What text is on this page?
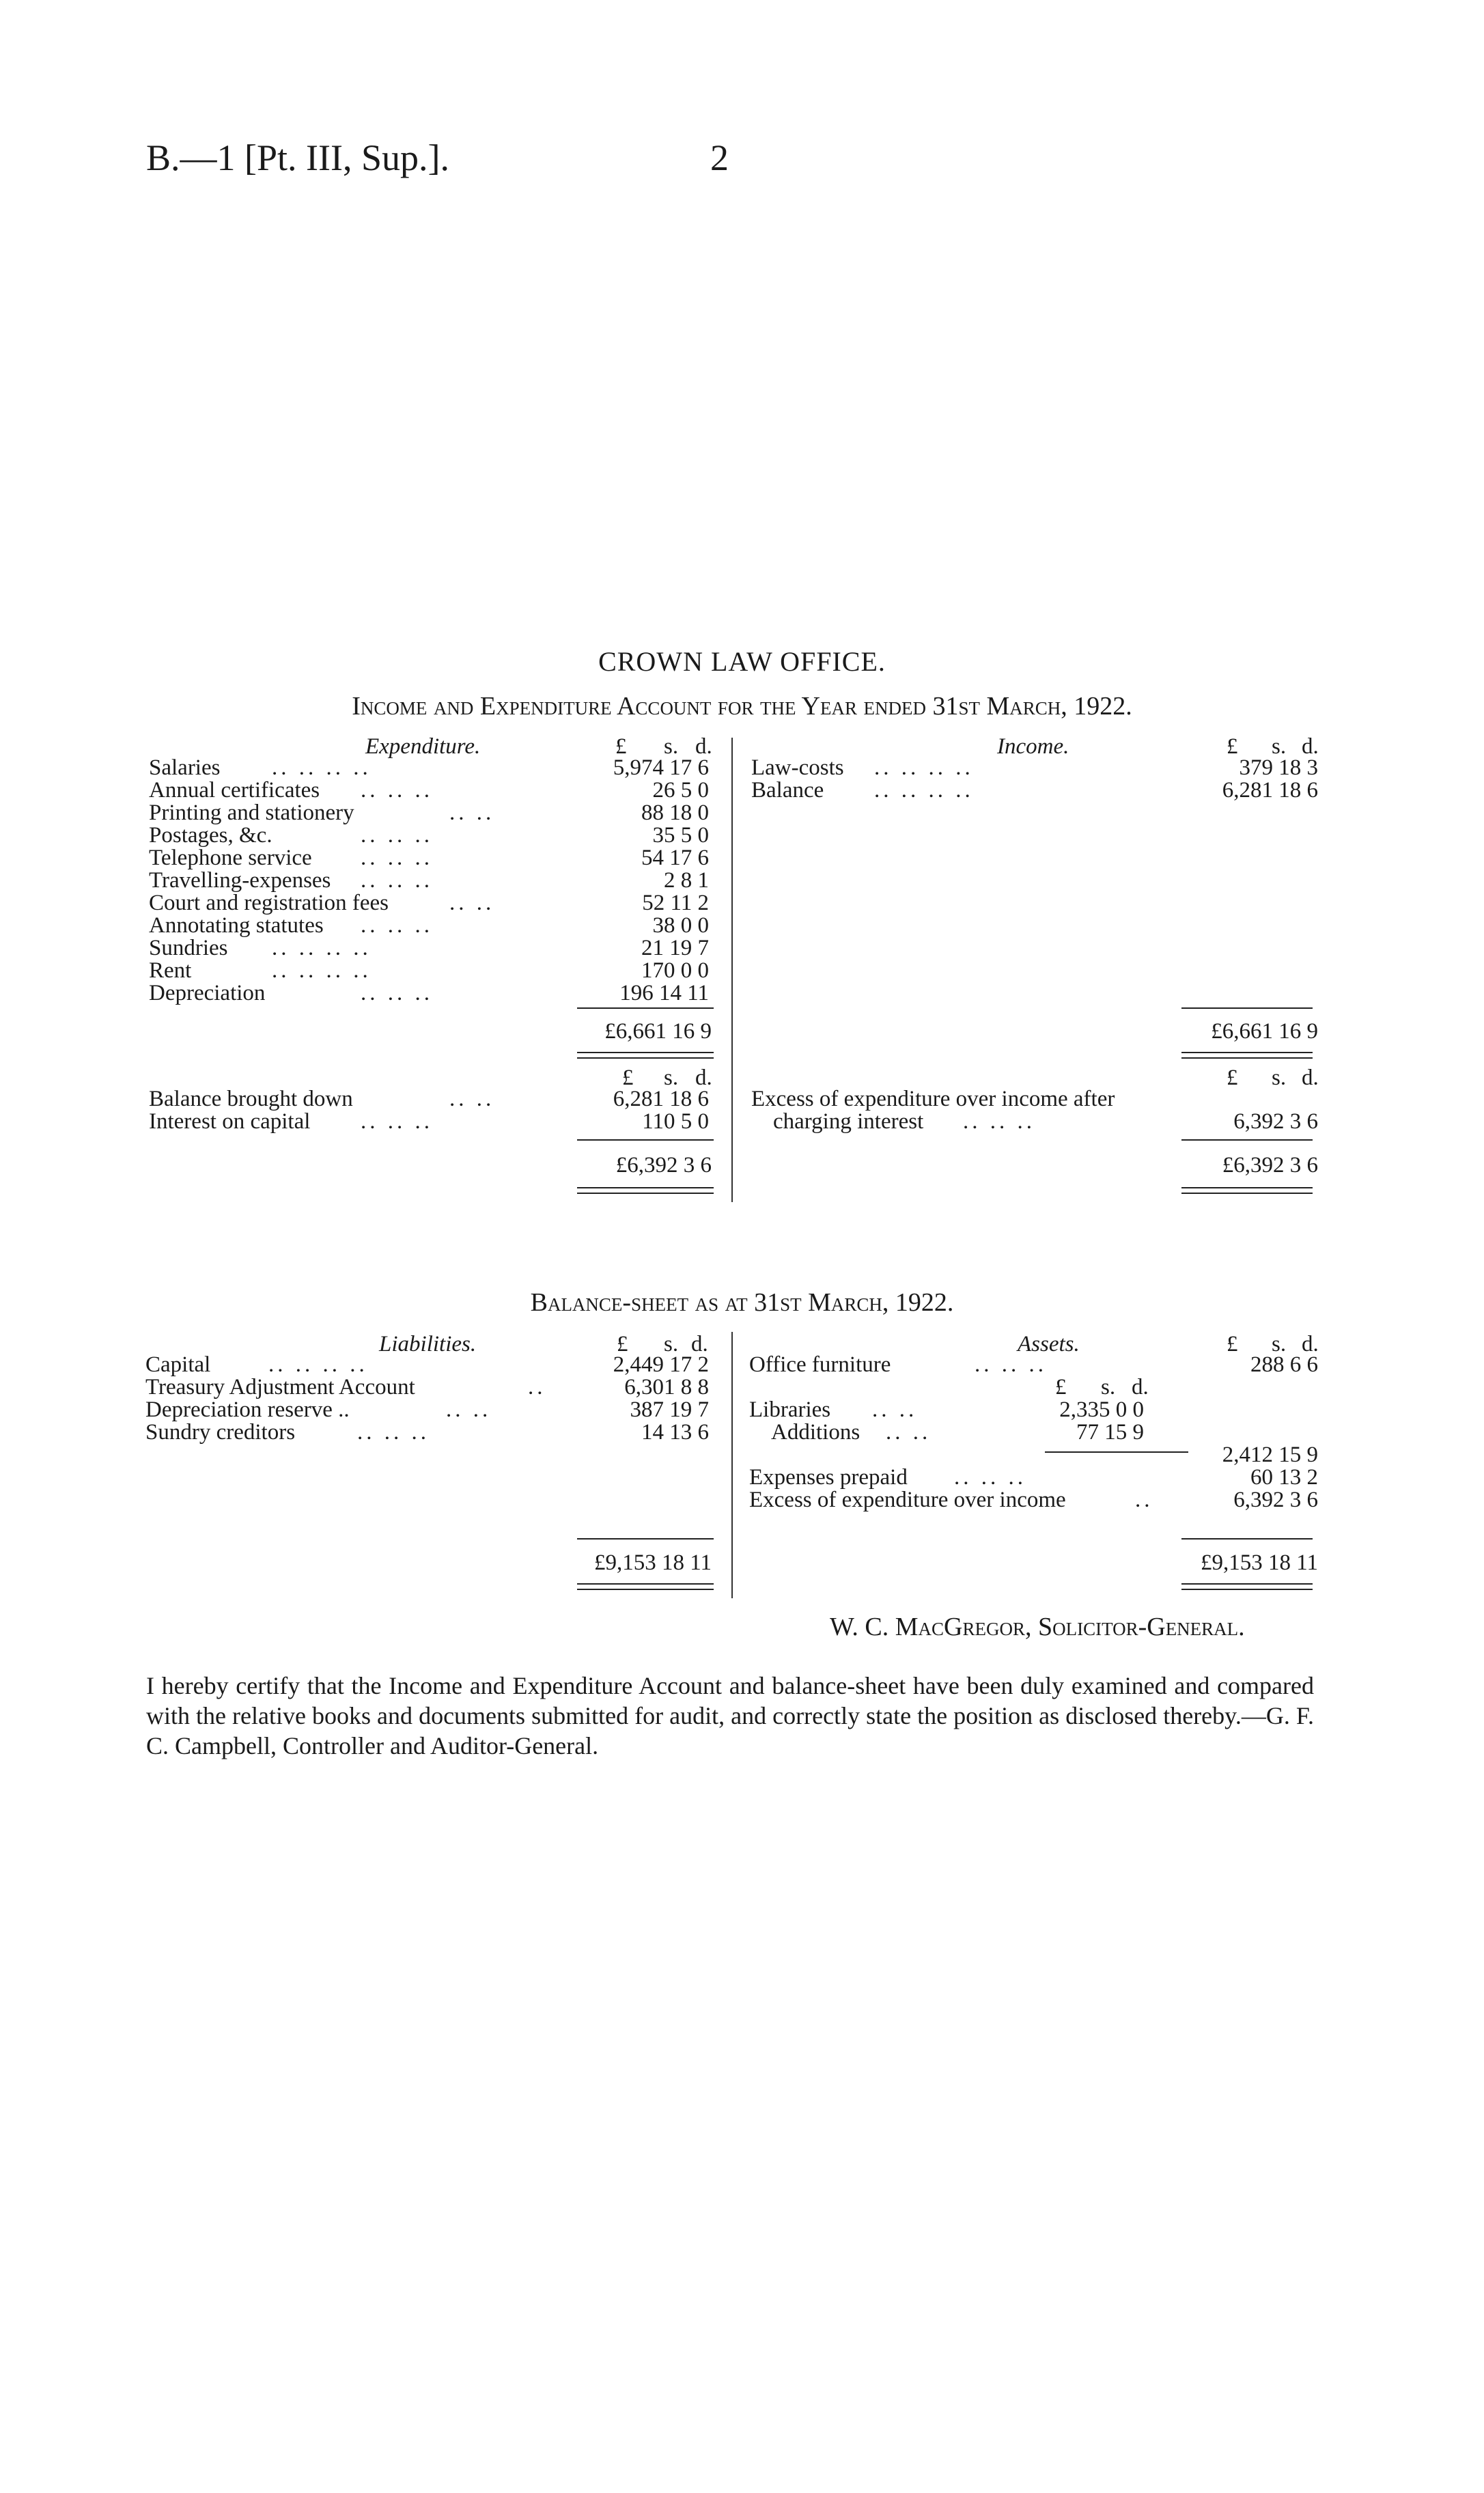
B.—1 [Pt. III, Sup.].	2
CROWN LAW OFFICE.
Income and Expenditure Account for the Year ended 31st March, 1922.
Expenditure.	£ s. d.	Income.	£ s. d.
Salaries .. .. .. ..	5,974 17 6
Annual certificates .. .. ..	26 5 0
Printing and stationery	.. ..	88 18 0
Postages, &c.	.. .. ..	35 5 0
Telephone service .. .. ..	54 17 6
Travelling-expenses .. .. ..	2 8 1
Court and registration fees	.. ..	52 11 2
Annotating statutes .. .. ..	38 0 0
Sundries .. .. .. ..	21 19 7
Rent	.. .. .. ..	170 0 0
Depreciation	.. .. ..	196 14 11
Law-costs .. .. .. ..	379 18 3
Balance .. .. .. ..	6,281 18 6
£6,661 16 9	£6,661 16 9
£ s. d.	£ s. d.
Balance brought down	.. ..	6,281 18 6
Interest on capital .. .. ..	110 5 0
Excess of expenditure over income after
charging interest .. .. ..	6,392 3 6
£6,392 3 6	£6,392 3 6
Balance-sheet as at 31st March, 1922.
Liabilities.	£ s. d.	Assets.	£ s. d.
Capital	.. .. .. ..	2,449 17 2
Treasury Adjustment Account	..	6,301 8 8
Depreciation reserve ..	.. ..	387 19 7
Sundry creditors	.. .. ..	14 13 6
Office furniture	.. .. ..	288 6 6
£ s. d.
Libraries .. ..	2,335 0 0
Additions .. ..	77 15 9
2,412 15 9
Expenses prepaid .. .. ..	60 13 2
Excess of expenditure over income	..	6,392 3 6
£9,153 18 11	£9,153 18 11
W. C. MacGregor, Solicitor-General.
I hereby certify that the Income and Expenditure Account and balance-sheet have been duly examined and compared with the relative books and documents submitted for audit, and correctly state the position as disclosed thereby.—G. F. C. Campbell, Controller and Auditor-General.
